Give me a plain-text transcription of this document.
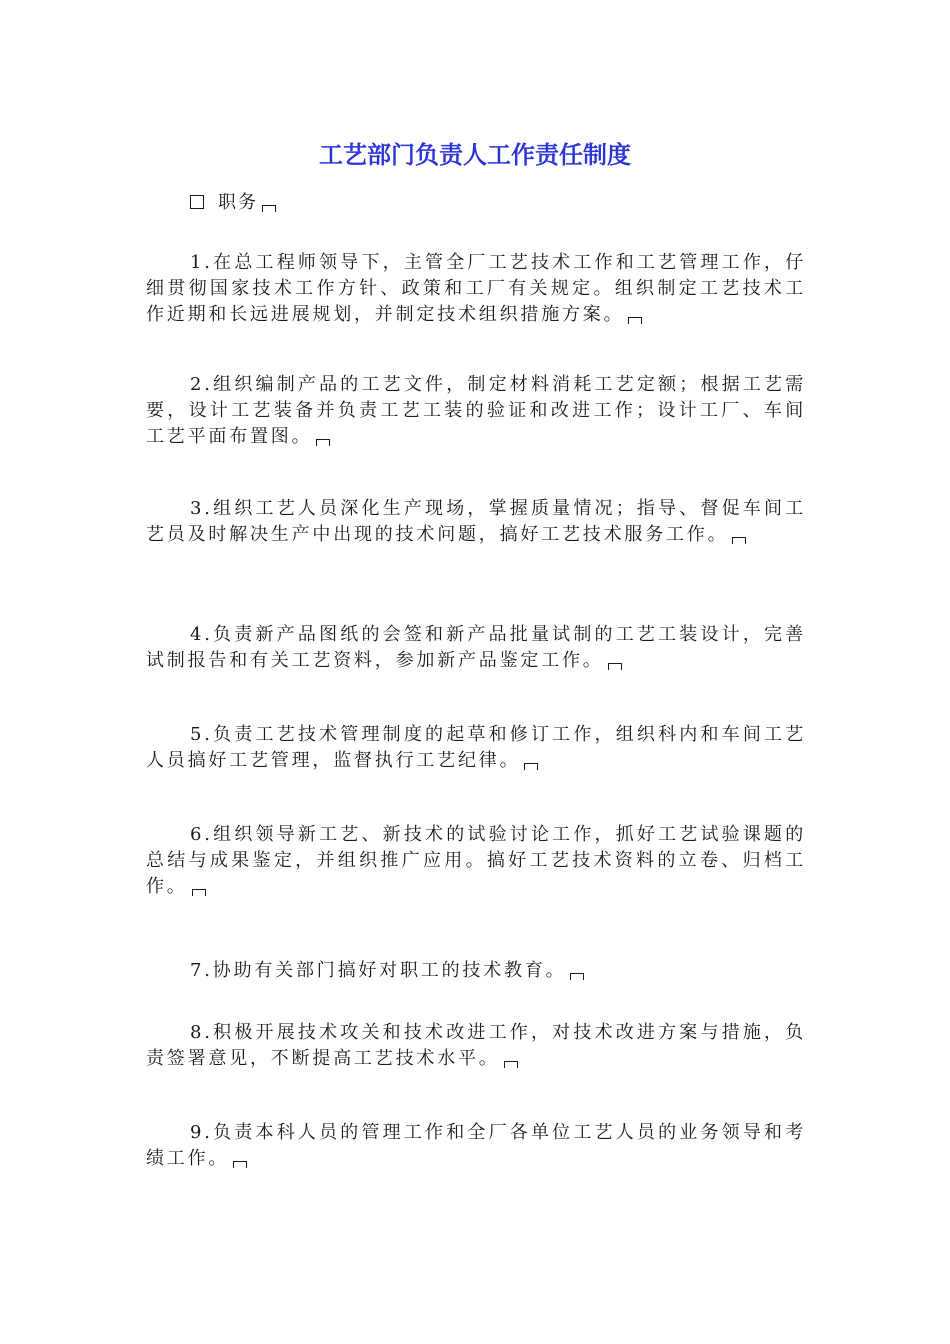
工艺部门负责人工作责任制度
职务
1.在总工程师领导下，主管全厂工艺技术工作和工艺管理工作，仔细贯彻国家技术工作方针、政策和工厂有关规定。组织制定工艺技术工作近期和长远进展规划，并制定技术组织措施方案。
2.组织编制产品的工艺文件，制定材料消耗工艺定额；根据工艺需要，设计工艺装备并负责工艺工装的验证和改进工作；设计工厂、车间工艺平面布置图。
3.组织工艺人员深化生产现场，掌握质量情况；指导、督促车间工艺员及时解决生产中出现的技术问题，搞好工艺技术服务工作。
4.负责新产品图纸的会签和新产品批量试制的工艺工装设计，完善试制报告和有关工艺资料，参加新产品鉴定工作。
5.负责工艺技术管理制度的起草和修订工作，组织科内和车间工艺人员搞好工艺管理，监督执行工艺纪律。
6.组织领导新工艺、新技术的试验讨论工作，抓好工艺试验课题的总结与成果鉴定，并组织推广应用。搞好工艺技术资料的立卷、归档工作。
7.协助有关部门搞好对职工的技术教育。
8.积极开展技术攻关和技术改进工作，对技术改进方案与措施，负责签署意见，不断提高工艺技术水平。
9.负责本科人员的管理工作和全厂各单位工艺人员的业务领导和考绩工作。
